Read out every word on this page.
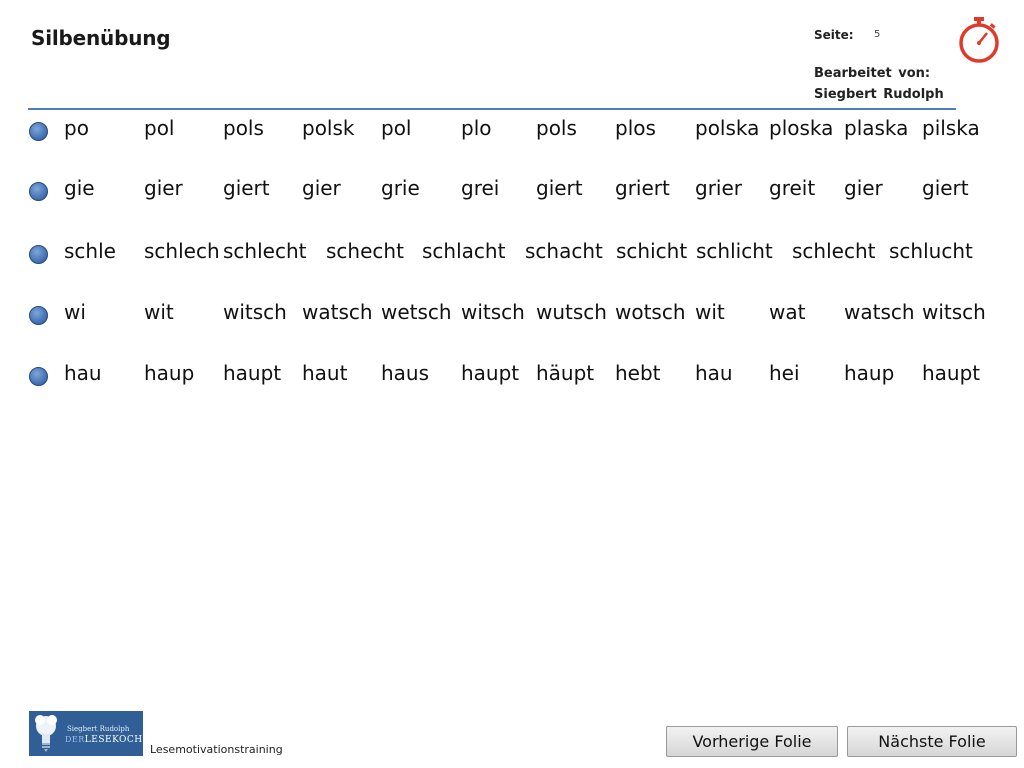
Silbenübung	Seite: 5
Bearbeitet von:
Siegbert Rudolph
po	pol pols polsk pol plo pols plos polska ploska plaska pilska
gie gier giert gier grie grei giert griert grier greit gier giert
schle schlech schlecht schecht schlacht schacht schicht schlicht schlecht schlucht
wi	wit witsch watsch wetsch witsch wutsch wotsch wit wat watsch witsch
hau haup haupt haut haus haupt häupt hebt hau hei haup haupt
Siegbert Rudolph
DERLESEKOCH
Lesemotivationstraining	Vorherige Folie	Nächste Folie
